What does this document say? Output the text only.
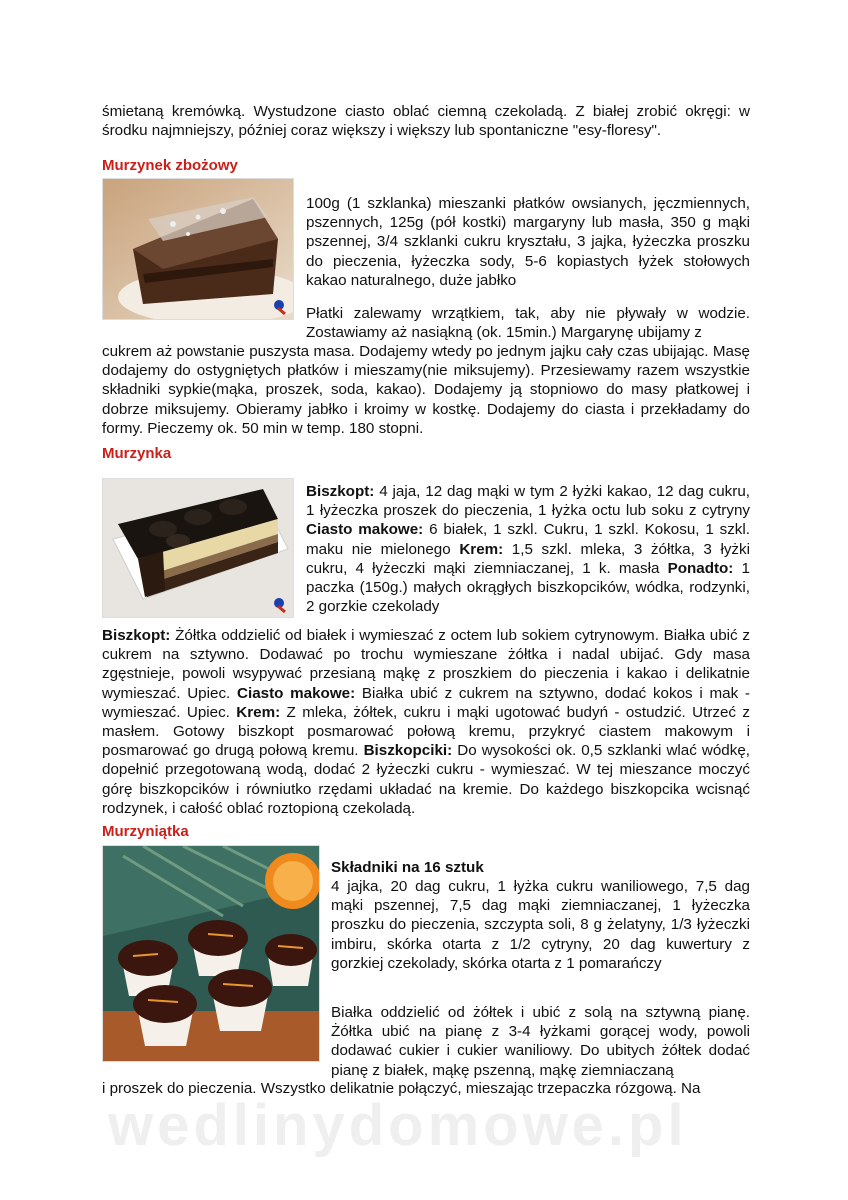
śmietaną kremówką. Wystudzone ciasto oblać ciemną czekoladą. Z białej zrobić okręgi: w środku najmniejszy, później coraz większy i większy lub spontaniczne "esy-floresy".

Murzynek zbożowy

100g (1 szklanka) mieszanki płatków owsianych, jęczmiennych, pszennych, 125g (pół kostki) margaryny lub masła, 350 g mąki pszennej, 3/4 szklanki cukru kryształu, 3 jajka, łyżeczka proszku do pieczenia, łyżeczka sody, 5-6 kopiastych łyżek stołowych kakao naturalnego, duże jabłko

Płatki zalewamy wrzątkiem, tak, aby nie pływały w wodzie. Zostawiamy aż nasiąkną (ok. 15min.) Margarynę ubijamy z

cukrem aż powstanie puszysta masa. Dodajemy wtedy po jednym jajku cały czas ubijając. Masę dodajemy do ostygniętych płatków i mieszamy(nie miksujemy). Przesiewamy razem wszystkie składniki sypkie(mąka, proszek, soda, kakao). Dodajemy ją stopniowo do masy płatkowej i dobrze miksujemy. Obieramy jabłko i kroimy w kostkę. Dodajemy do ciasta i przekładamy do formy. Pieczemy ok. 50 min w temp. 180 stopni.

Murzynka

Biszkopt: 4 jaja, 12 dag mąki w tym 2 łyżki kakao, 12 dag cukru, 1 łyżeczka proszek do pieczenia, 1 łyżka octu lub soku z cytryny Ciasto makowe: 6 białek, 1 szkl. Cukru, 1 szkl. Kokosu, 1 szkl. maku nie mielonego Krem: 1,5 szkl. mleka, 3 żółtka, 3 łyżki cukru, 4 łyżeczki mąki ziemniaczanej, 1 k. masła Ponadto: 1 paczka (150g.) małych okrągłych biszkopcików, wódka, rodzynki, 2 gorzkie czekolady

Biszkopt: Żółtka oddzielić od białek i wymieszać z octem lub sokiem cytrynowym. Białka ubić z cukrem na sztywno. Dodawać po trochu wymieszane żółtka i nadal ubijać. Gdy masa zgęstnieje, powoli wsypywać przesianą mąkę z proszkiem do pieczenia i kakao i delikatnie wymieszać. Upiec. Ciasto makowe: Białka ubić z cukrem na sztywno, dodać kokos i mak - wymieszać. Upiec. Krem: Z mleka, żółtek, cukru i mąki ugotować budyń - ostudzić. Utrzeć z masłem. Gotowy biszkopt posmarować połową kremu, przykryć ciastem makowym i posmarować go drugą połową kremu. Biszkopciki: Do wysokości ok. 0,5 szklanki wlać wódkę, dopełnić przegotowaną wodą, dodać 2 łyżeczki cukru - wymieszać. W tej mieszance moczyć górę biszkopcików i równiutko rzędami układać na kremie. Do każdego biszkopcika wcisnąć rodzynek, i całość oblać roztopioną czekoladą.

Murzyniątka

Składniki na 16 sztuk

4 jajka, 20 dag cukru, 1 łyżka cukru waniliowego, 7,5 dag mąki pszennej, 7,5 dag mąki ziemniaczanej, 1 łyżeczka proszku do pieczenia, szczypta soli, 8 g żelatyny, 1/3 łyżeczki imbiru, skórka otarta z 1/2 cytryny, 20 dag kuwertury z gorzkiej czekolady, skórka otarta z 1 pomarańczy

Białka oddzielić od żółtek i ubić z solą na sztywną pianę. Żółtka ubić na pianę z 3-4 łyżkami gorącej wody, powoli dodawać cukier i cukier waniliowy. Do ubitych żółtek dodać pianę z białek, mąkę pszenną, mąkę ziemniaczaną

i proszek do pieczenia. Wszystko delikatnie połączyć, mieszając trzepaczka rózgową. Na

wedlinydomowe.pl
